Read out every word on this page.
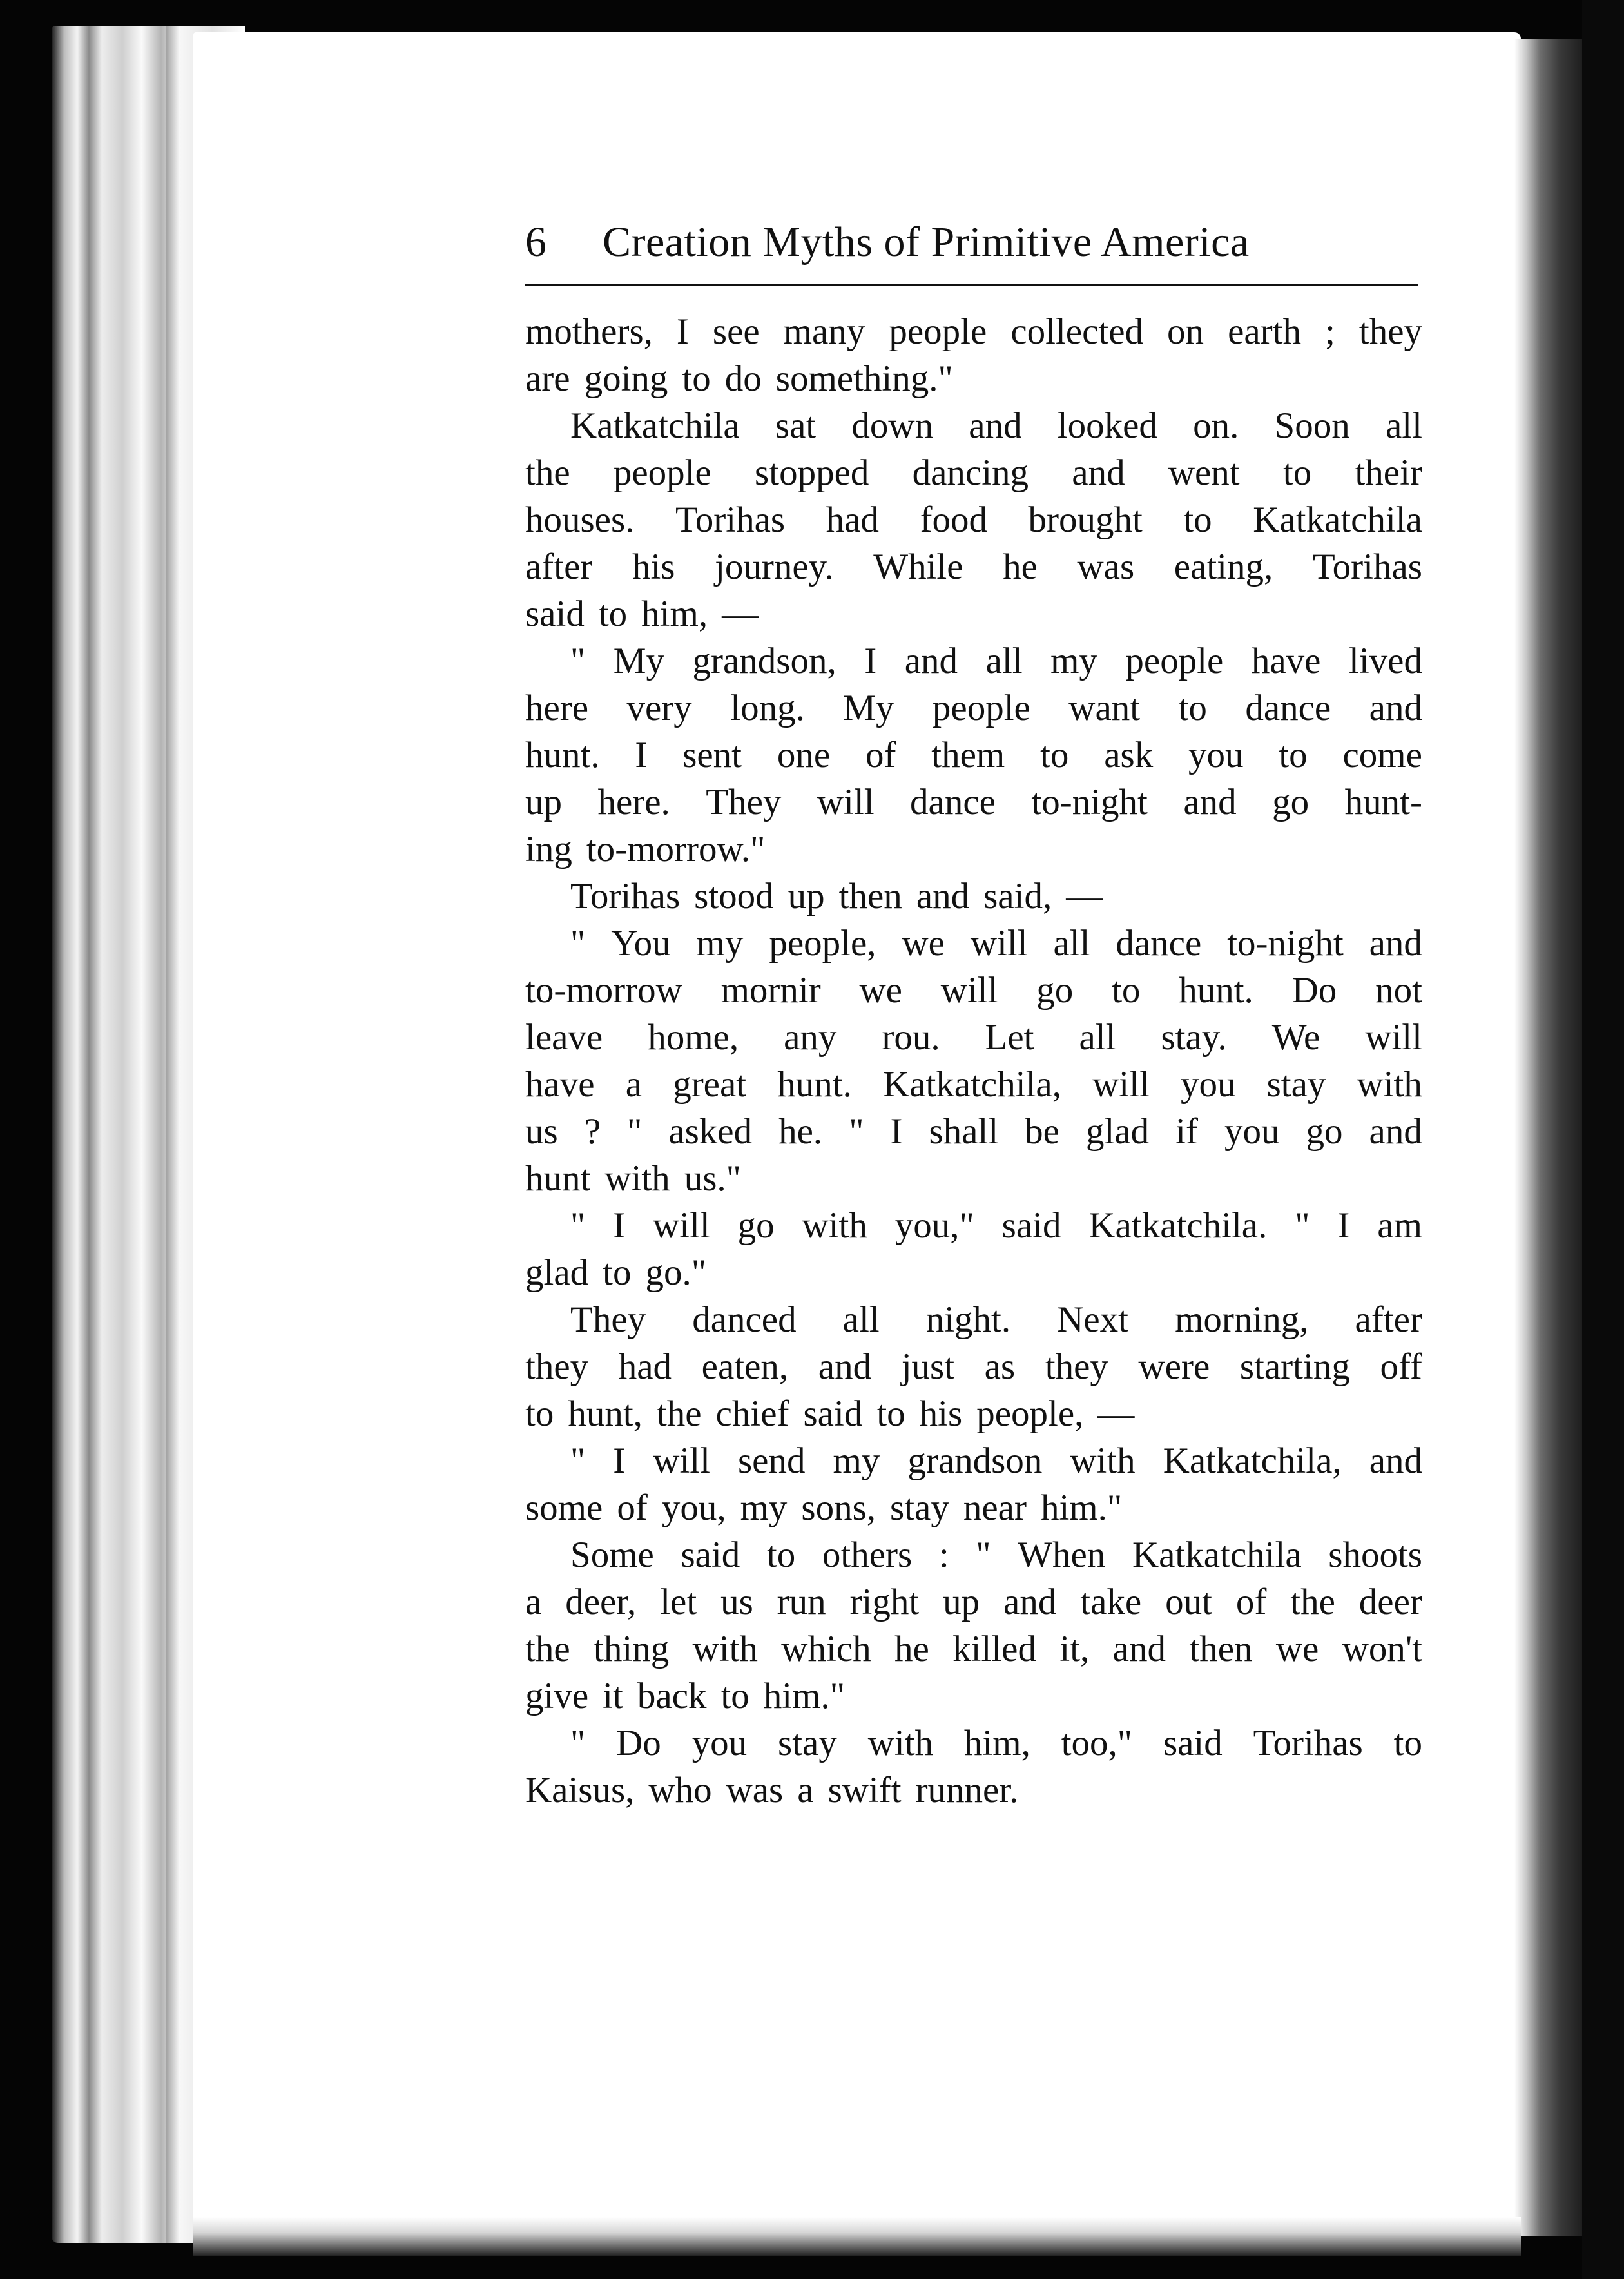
6	Creation Myths of Primitive America
mothers, I see many people collected on earth ; they
are going to do something."
Katkatchila sat down and looked on. Soon all
the people stopped dancing and went to their
houses. Torihas had food brought to Katkatchila
after his journey. While he was eating, Torihas
said to him, —
" My grandson, I and all my people have lived
here very long. My people want to dance and
hunt. I sent one of them to ask you to come
up here. They will dance to-night and go hunt-
ing to-morrow."
Torihas stood up then and said, —
" You my people, we will all dance to-night and
to-morrow mornir we will go to hunt. Do not
leave home, any rou. Let all stay. We will
have a great hunt. Katkatchila, will you stay with
us ? " asked he. " I shall be glad if you go and
hunt with us."
" I will go with you," said Katkatchila. " I am
glad to go."
They danced all night. Next morning, after
they had eaten, and just as they were starting off
to hunt, the chief said to his people, —
" I will send my grandson with Katkatchila, and
some of you, my sons, stay near him."
Some said to others : " When Katkatchila shoots
a deer, let us run right up and take out of the deer
the thing with which he killed it, and then we won't
give it back to him."
" Do you stay with him, too," said Torihas to
Kaisus, who was a swift runner.
